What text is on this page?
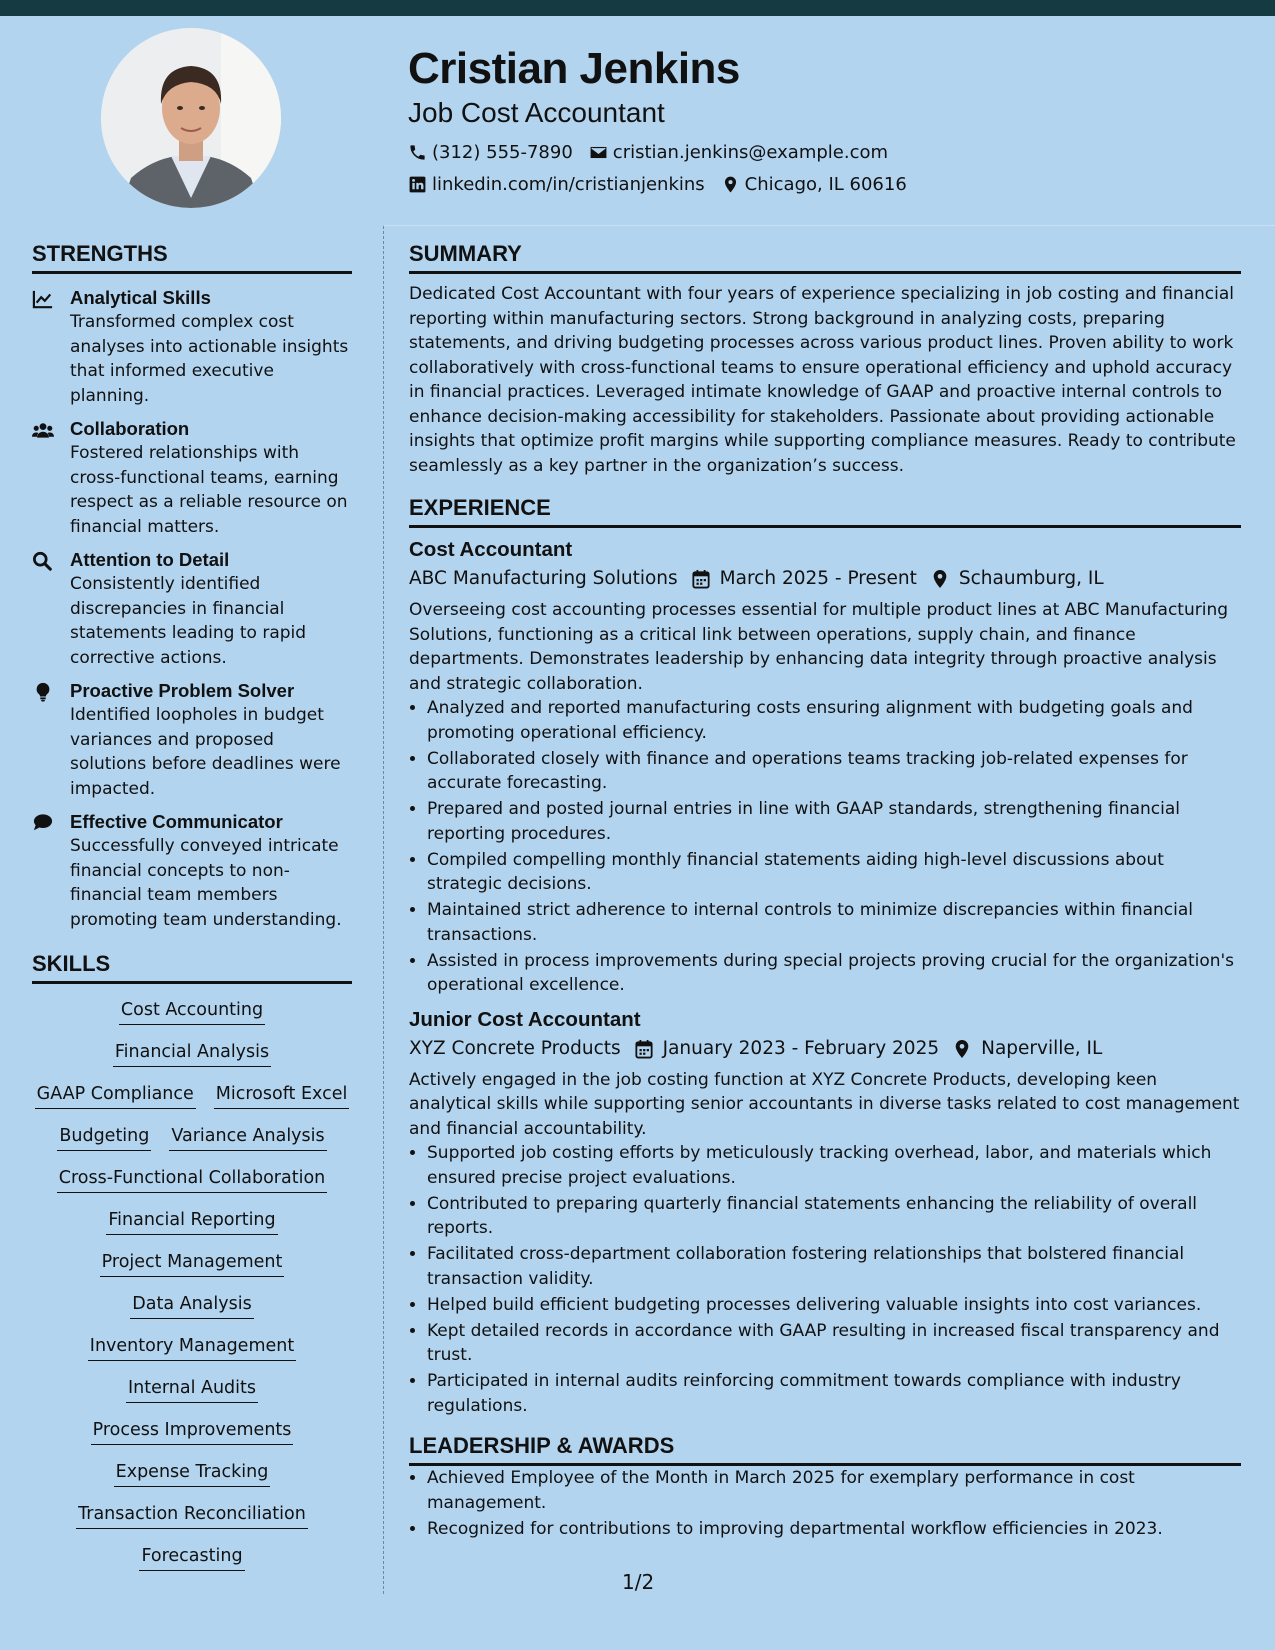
Cristian Jenkins
Job Cost Accountant
(312) 555-7890 cristian.jenkins@example.com
linkedin.com/in/cristianjenkins Chicago, IL 60616
STRENGTHS
Analytical Skills
Transformed complex cost analyses into actionable insights that informed executive planning.
Collaboration
Fostered relationships with cross-functional teams, earning respect as a reliable resource on financial matters.
Attention to Detail
Consistently identified discrepancies in financial statements leading to rapid corrective actions.
Proactive Problem Solver
Identified loopholes in budget variances and proposed solutions before deadlines were impacted.
Effective Communicator
Successfully conveyed intricate financial concepts to non-financial team members promoting team understanding.
SKILLS
Cost Accounting
Financial Analysis
GAAP Compliance Microsoft Excel
Budgeting Variance Analysis
Cross-Functional Collaboration
Financial Reporting
Project Management
Data Analysis
Inventory Management
Internal Audits
Process Improvements
Expense Tracking
Transaction Reconciliation
Forecasting
SUMMARY
Dedicated Cost Accountant with four years of experience specializing in job costing and financial reporting within manufacturing sectors. Strong background in analyzing costs, preparing statements, and driving budgeting processes across various product lines. Proven ability to work collaboratively with cross-functional teams to ensure operational efficiency and uphold accuracy in financial practices. Leveraged intimate knowledge of GAAP and proactive internal controls to enhance decision-making accessibility for stakeholders. Passionate about providing actionable insights that optimize profit margins while supporting compliance measures. Ready to contribute seamlessly as a key partner in the organization’s success.
EXPERIENCE
Cost Accountant
ABC Manufacturing Solutions March 2025 - Present Schaumburg, IL
Overseeing cost accounting processes essential for multiple product lines at ABC Manufacturing Solutions, functioning as a critical link between operations, supply chain, and finance departments. Demonstrates leadership by enhancing data integrity through proactive analysis and strategic collaboration.
• Analyzed and reported manufacturing costs ensuring alignment with budgeting goals and promoting operational efficiency.
• Collaborated closely with finance and operations teams tracking job-related expenses for accurate forecasting.
• Prepared and posted journal entries in line with GAAP standards, strengthening financial reporting procedures.
• Compiled compelling monthly financial statements aiding high-level discussions about strategic decisions.
• Maintained strict adherence to internal controls to minimize discrepancies within financial transactions.
• Assisted in process improvements during special projects proving crucial for the organization's operational excellence.
Junior Cost Accountant
XYZ Concrete Products January 2023 - February 2025 Naperville, IL
Actively engaged in the job costing function at XYZ Concrete Products, developing keen analytical skills while supporting senior accountants in diverse tasks related to cost management and financial accountability.
• Supported job costing efforts by meticulously tracking overhead, labor, and materials which ensured precise project evaluations.
• Contributed to preparing quarterly financial statements enhancing the reliability of overall reports.
• Facilitated cross-department collaboration fostering relationships that bolstered financial transaction validity.
• Helped build efficient budgeting processes delivering valuable insights into cost variances.
• Kept detailed records in accordance with GAAP resulting in increased fiscal transparency and trust.
• Participated in internal audits reinforcing commitment towards compliance with industry regulations.
LEADERSHIP & AWARDS
• Achieved Employee of the Month in March 2025 for exemplary performance in cost management.
• Recognized for contributions to improving departmental workflow efficiencies in 2023.
1/2
